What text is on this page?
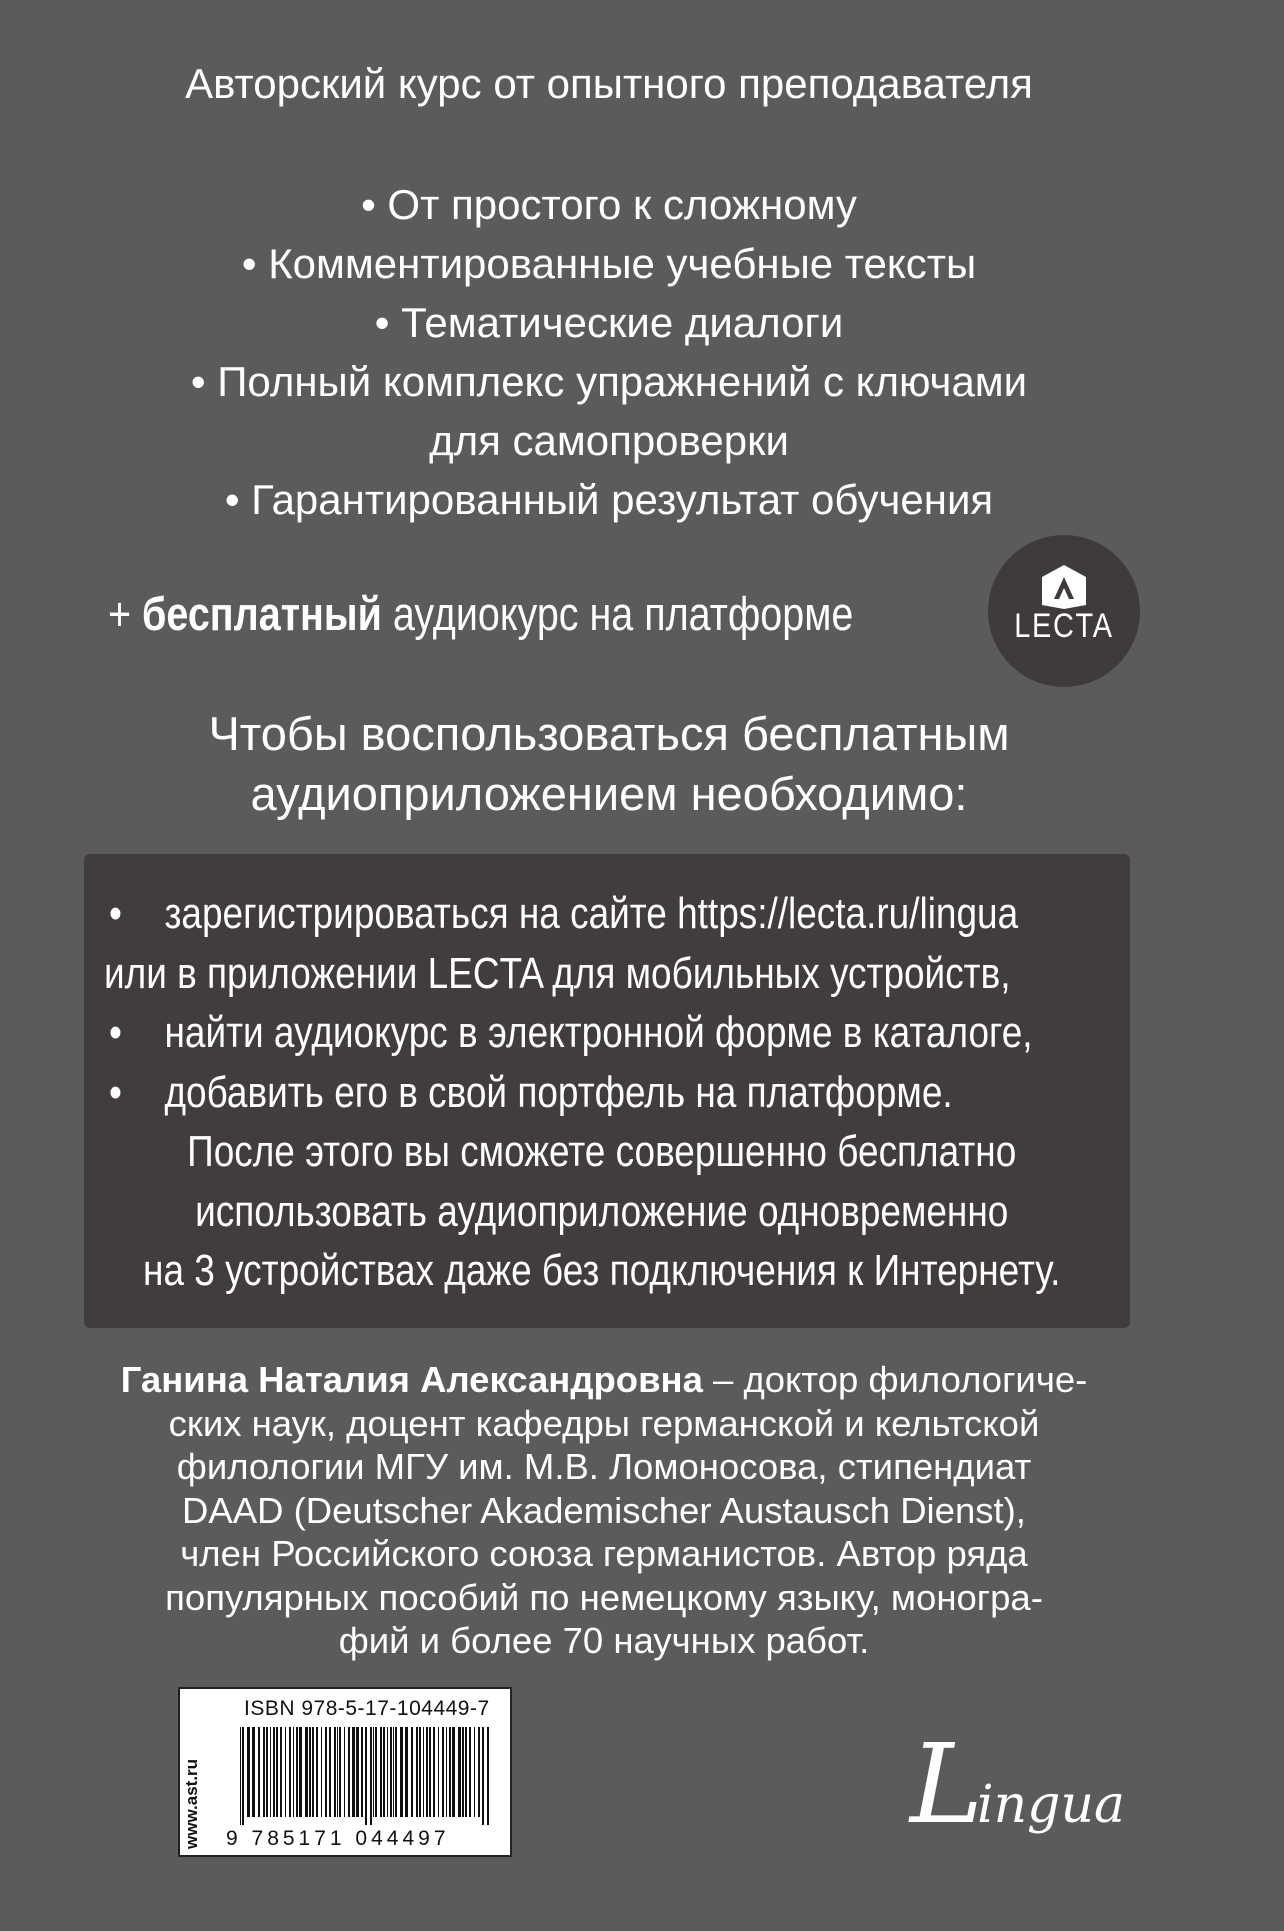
Авторский курс от опытного преподавателя
• От простого к сложному
• Комментированные учебные тексты
• Тематические диалоги
• Полный комплекс упражнений с ключами
для самопроверки
• Гарантированный результат обучения
+ бесплатный аудиокурс на платформе	LECTA
Чтобы воспользоваться бесплатным
аудиоприложением необходимо:
• зарегистрироваться на сайте https://lecta.ru/lingua
или в приложении LECTA для мобильных устройств,
• найти аудиокурс в электронной форме в каталоге,
• добавить его в свой портфель на платформе.
После этого вы сможете совершенно бесплатно
использовать аудиоприложение одновременно
на 3 устройствах даже без подключения к Интернету.
Ганина Наталия Александровна – доктор филологиче-
ских наук, доцент кафедры германской и кельтской
филологии МГУ им. М.В. Ломоносова, стипендиат
DAAD (Deutscher Akademischer Austausch Dienst),
член Российского союза германистов. Автор ряда
популярных пособий по немецкому языку, моногра-
фий и более 70 научных работ.
www.ast.ru
ISBN 978-5-17-104449-7
9 785171 044497	Lingua
